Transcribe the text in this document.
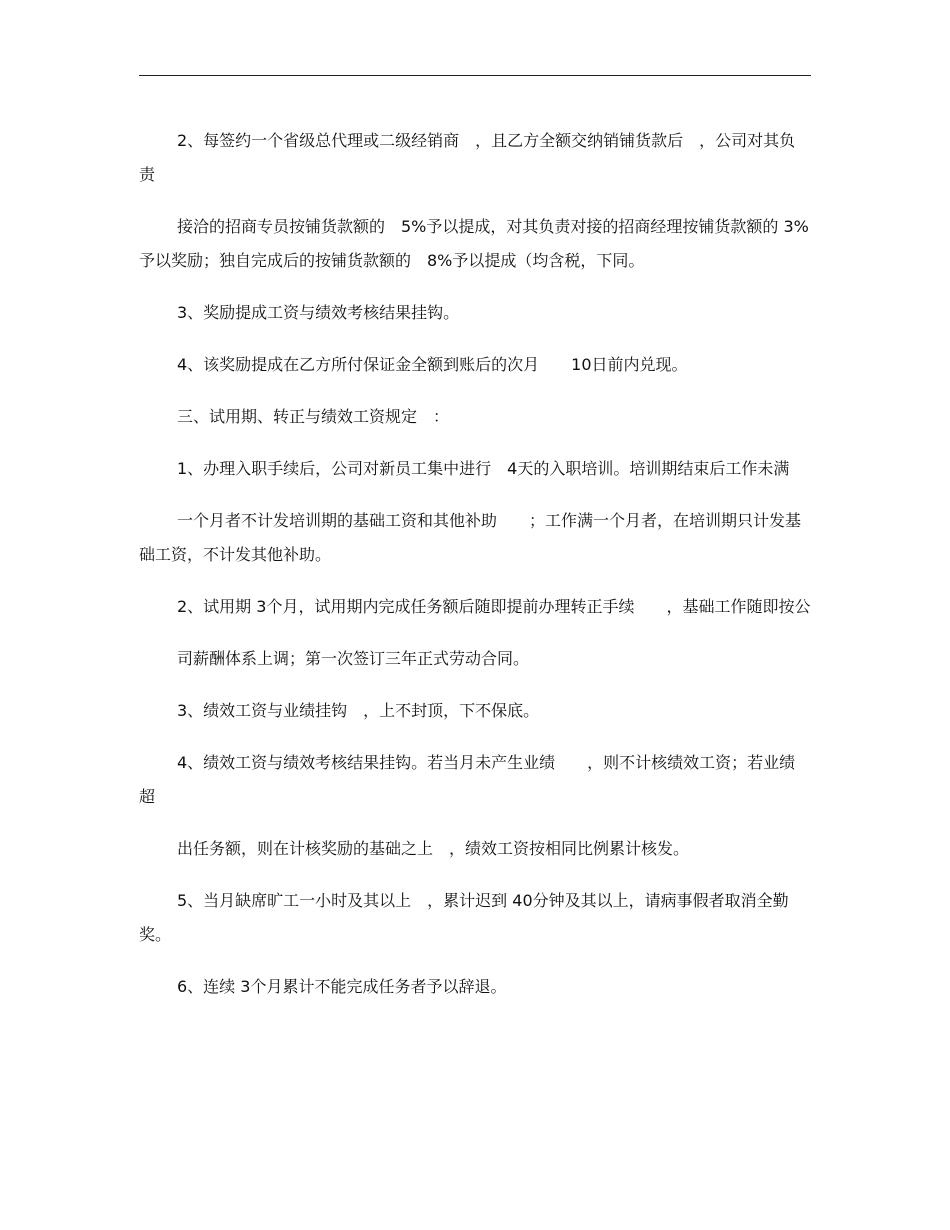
2、每签约一个省级总代理或二级经销商　，且乙方全额交纳销铺货款后　，公司对其负责

接洽的招商专员按铺货款额的　5%予以提成，对其负责对接的招商经理按铺货款额的 3%予以奖励；独自完成后的按铺货款额的　8%予以提成（均含税，下同。

3、奖励提成工资与绩效考核结果挂钩。

4、该奖励提成在乙方所付保证金全额到账后的次月　　10日前内兑现。

三、试用期、转正与绩效工资规定　：

1、办理入职手续后，公司对新员工集中进行　4天的入职培训。培训期结束后工作未满

一个月者不计发培训期的基础工资和其他补助　　；工作满一个月者，在培训期只计发基础工资，不计发其他补助。

2、试用期 3个月，试用期内完成任务额后随即提前办理转正手续　　，基础工作随即按公

司薪酬体系上调；第一次签订三年正式劳动合同。

3、绩效工资与业绩挂钩　，上不封顶，下不保底。

4、绩效工资与绩效考核结果挂钩。若当月未产生业绩　　，则不计核绩效工资；若业绩超

出任务额，则在计核奖励的基础之上　，绩效工资按相同比例累计核发。

5、当月缺席旷工一小时及其以上　，累计迟到 40分钟及其以上，请病事假者取消全勤奖。

6、连续 3个月累计不能完成任务者予以辞退。
